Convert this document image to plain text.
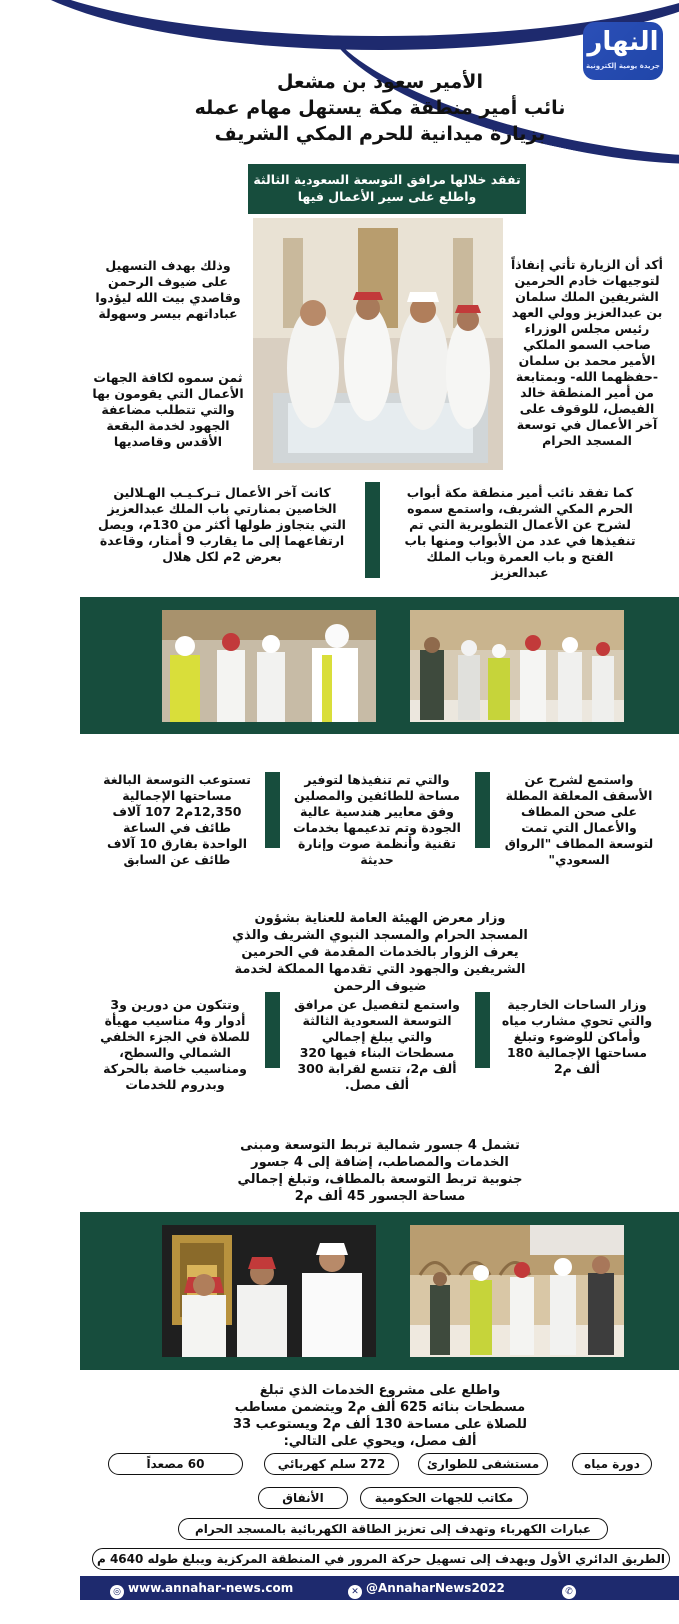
النهار
جريدة يومية إلكترونية
الأمير سعود بن مشعل
نائب أمير منطقة مكة يستهل مهام عمله
بزيارة ميدانية للحرم المكي الشريف
تفقد خلالها مرافق التوسعة السعودية الثالثة واطلع على سير الأعمال فيها
أكد أن الزيارة تأتي إنفاذاً لتوجيهات خادم الحرمين الشريفين الملك سلمان بن عبدالعزيز وولي العهد رئيس مجلس الوزراء صاحب السمو الملكي الأمير محمد بن سلمان -حفظهما الله- وبمتابعة من أمير المنطقة خالد الفيصل، للوقوف على آخر الأعمال في توسعة المسجد الحرام
وذلك بهدف التسهيل على ضيوف الرحمن وقاصدي بيت الله ليؤدوا عباداتهم بيسر وسهولة
ثمن سموه لكافة الجهات الأعمال التي يقومون بها والتي تتطلب مضاعفة الجهود لخدمة البقعة الأقدس وقاصديها
كما تفقد نائب أمير منطقة مكة أبواب الحرم المكي الشريف، واستمع سموه لشرح عن الأعمال التطويرية التي تم تنفيذها في عدد من الأبواب ومنها باب الفتح و باب العمرة وباب الملك عبدالعزيز
كانت آخر الأعمال تـركـيـب الهـلالين الخاصين بمنارتي باب الملك عبدالعزيز التي يتجاوز طولها أكثر من 130م، ويصل ارتفاعهما إلى ما يقارب 9 أمتار، وقاعدة بعرض 2م لكل هلال
واستمع لشرح عن الأسقف المعلقة المطلة على صحن المطاف والأعمال التي تمت لتوسعة المطاف "الرواق السعودي"
والتي تم تنفيذها لتوفير مساحة للطائفين والمصلين وفق معايير هندسية عالية الجودة وتم تدعيمها بخدمات تقنية وأنظمة صوت وإنارة حديثة
تستوعب التوسعة البالغة مساحتها الإجمالية 12,350م2 107 آلاف طائف في الساعة الواحدة بفارق 10 آلاف طائف عن السابق
وزار معرض الهيئة العامة للعناية بشؤون المسجد الحرام والمسجد النبوي الشريف والذي يعرف الزوار بالخدمات المقدمة في الحرمين الشريفين والجهود التي تقدمها المملكة لخدمة ضيوف الرحمن
وزار الساحات الخارجية والتي تحوي مشارب مياه وأماكن للوضوء وتبلغ مساحتها الإجمالية 180 ألف م2
واستمع لتفصيل عن مرافق التوسعة السعودية الثالثة والتي يبلغ إجمالي مسطحات البناء فيها 320 ألف م2، تتسع لقرابة 300 ألف مصل.
وتتكون من دورين و3 أدوار و4 مناسيب مهيأة للصلاة في الجزء الخلفي الشمالي والسطح، ومناسيب خاصة بالحركة وبدروم للخدمات
تشمل 4 جسور شمالية تربط التوسعة ومبنى الخدمات والمصاطب، إضافة إلى 4 جسور جنوبية تربط التوسعة بالمطاف، وتبلغ إجمالي مساحة الجسور 45 ألف م2
واطلع على مشروع الخدمات الذي تبلغ مسطحات بنائه 625 ألف م2 ويتضمن مساطب للصلاة على مساحة 130 ألف م2 ويستوعب 33 ألف مصل، ويحوي على التالي:
دورة مياه
مستشفى للطوارئ
272 سلم كهربائي
60 مصعداً
مكاتب للجهات الحكومية
الأنفاق
عبارات الكهرباء وتهدف إلى تعزيز الطاقة الكهربائية بالمسجد الحرام
الطريق الدائري الأول ويهدف إلى تسهيل حركة المرور في المنطقة المركزية ويبلغ طوله 4640 م
◎ www.annahar-news.com	✕ @AnnaharNews2022	✆966558128155
